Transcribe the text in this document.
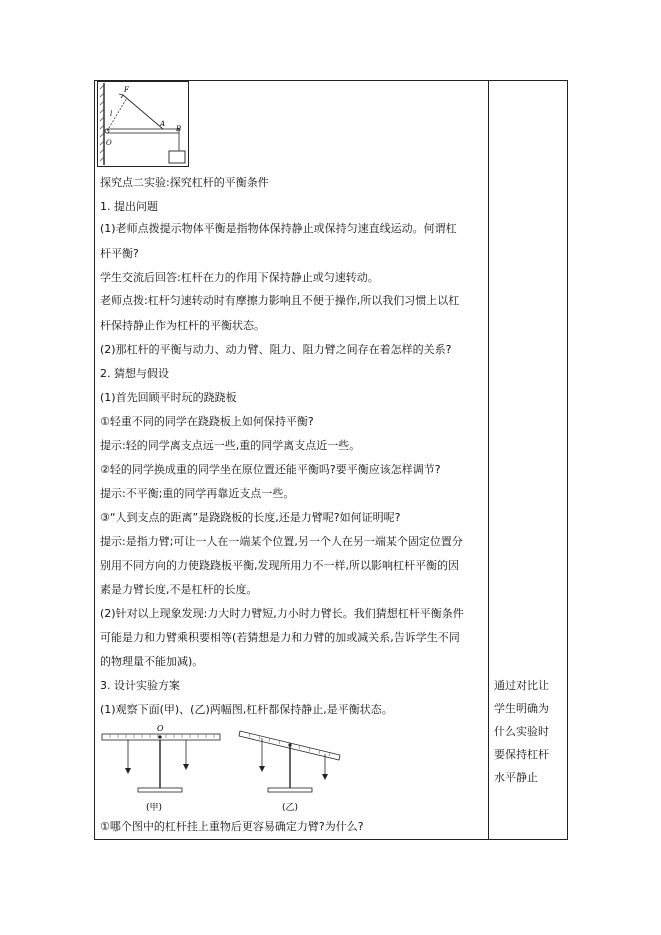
F
l
A
B
O
探究点二实验:探究杠杆的平衡条件
1. 提出问题
(1)老师点拨提示物体平衡是指物体保持静止或保持匀速直线运动。何谓杠
杆平衡?
学生交流后回答:杠杆在力的作用下保持静止或匀速转动。
老师点拨:杠杆匀速转动时有摩擦力影响且不便于操作,所以我们习惯上以杠
杆保持静止作为杠杆的平衡状态。
(2)那杠杆的平衡与动力、动力臂、阻力、阻力臂之间存在着怎样的关系?
2. 猜想与假设
(1)首先回顾平时玩的跷跷板
①轻重不同的同学在跷跷板上如何保持平衡?
提示:轻的同学离支点远一些,重的同学离支点近一些。
②轻的同学换成重的同学坐在原位置还能平衡吗?要平衡应该怎样调节?
提示:不平衡;重的同学再靠近支点一些。
③“人到支点的距离”是跷跷板的长度,还是力臂呢?如何证明呢?
提示:是指力臂;可让一人在一端某个位置,另一个人在另一端某个固定位置分
别用不同方向的力使跷跷板平衡,发现所用力不一样,所以影响杠杆平衡的因
素是力臂长度,不是杠杆的长度。
(2)针对以上现象发现:力大时力臂短,力小时力臂长。我们猜想杠杆平衡条件
可能是力和力臂乘积要相等(若猜想是力和力臂的加或减关系,告诉学生不同
的物理量不能加减)。
3. 设计实验方案
(1)观察下面(甲)、(乙)两幅图,杠杆都保持静止,是平衡状态。
O
(甲)	(乙)
①哪个图中的杠杆挂上重物后更容易确定力臂?为什么?
通过对比让
学生明确为
什么实验时
要保持杠杆
水平静止
